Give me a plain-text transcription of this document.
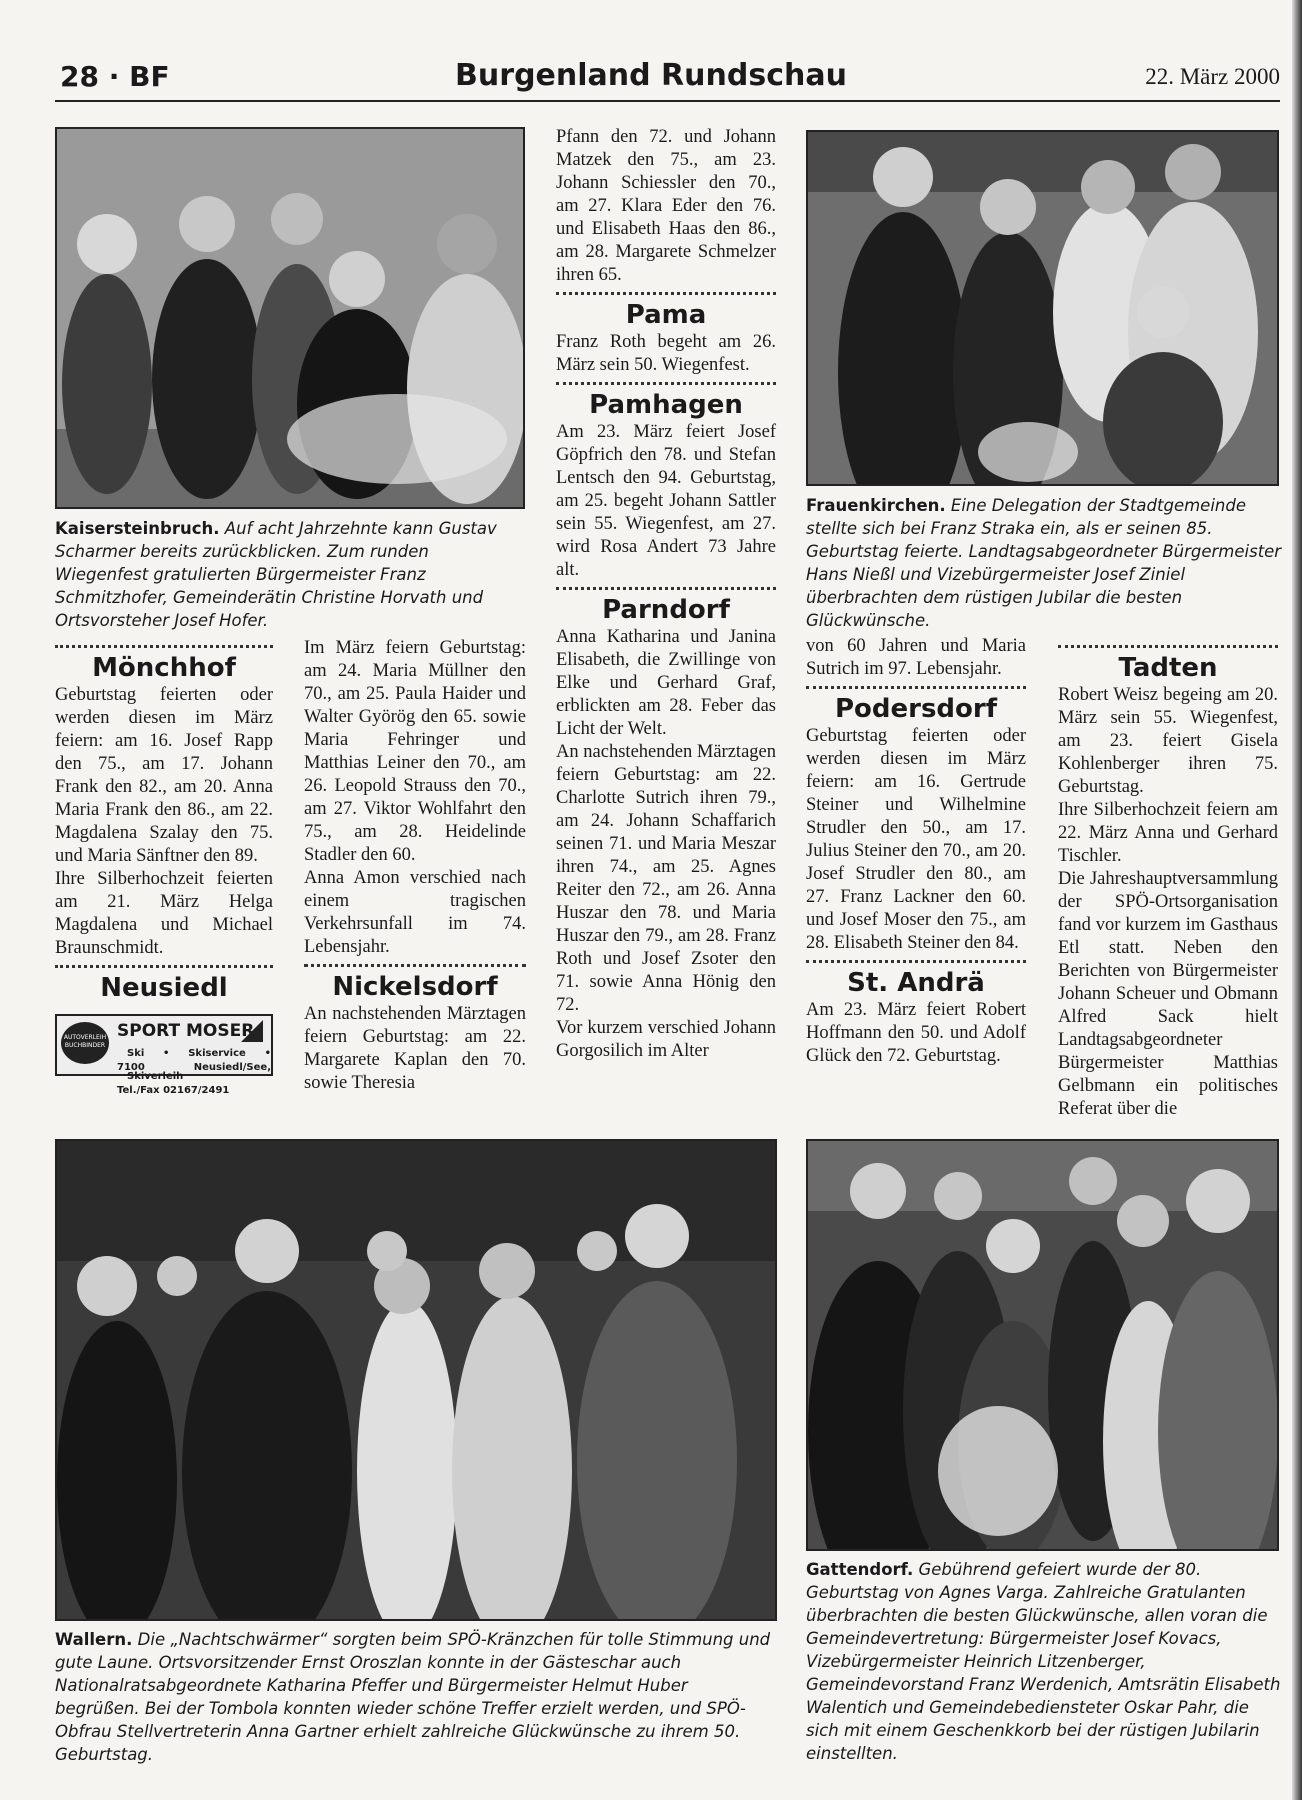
28 · BF	Burgenland Rundschau	22. März 2000
Kaisersteinbruch. Auf acht Jahrzehnte kann Gustav Scharmer bereits zurückblicken. Zum runden Wiegenfest gratulierten Bürgermeister Franz Schmitzhofer, Gemeinderätin Christine Horvath und Ortsvorsteher Josef Hofer.
Mönchhof

Geburtstag feierten oder werden diesen im März feiern: am 16. Josef Rapp den 75., am 17. Johann Frank den 82., am 20. Anna Maria Frank den 86., am 22. Magdalena Szalay den 75. und Maria Sänftner den 89.

Ihre Silberhochzeit feierten am 21. März Helga Magdalena und Michael Braunschmidt.

Neusiedl
AUTOVERLEIH BUCHBINDER
SPORT MOSER
Ski • Skiservice • Skiverleih
7100 Neusiedl/See, Tel./Fax 02167/2491

Im März feiern Geburtstag: am 24. Maria Müllner den 70., am 25. Paula Haider und Walter Györög den 65. sowie Maria Fehringer und Matthias Leiner den 70., am 26. Leopold Strauss den 70., am 27. Viktor Wohlfahrt den 75., am 28. Heidelinde Stadler den 60.

Anna Amon verschied nach einem tragischen Verkehrsunfall im 74. Lebensjahr.

Nickelsdorf

An nachstehenden Märztagen feiern Geburtstag: am 22. Margarete Kaplan den 70. sowie Theresia

Pfann den 72. und Johann Matzek den 75., am 23. Johann Schiessler den 70., am 27. Klara Eder den 76. und Elisabeth Haas den 86., am 28. Margarete Schmelzer ihren 65.

Pama

Franz Roth begeht am 26. März sein 50. Wiegenfest.

Pamhagen

Am 23. März feiert Josef Göpfrich den 78. und Stefan Lentsch den 94. Geburtstag, am 25. begeht Johann Sattler sein 55. Wiegenfest, am 27. wird Rosa Andert 73 Jahre alt.

Parndorf

Anna Katharina und Janina Elisabeth, die Zwillinge von Elke und Gerhard Graf, erblickten am 28. Feber das Licht der Welt.

An nachstehenden Märztagen feiern Geburtstag: am 22. Charlotte Sutrich ihren 79., am 24. Johann Schaffarich seinen 71. und Maria Meszar ihren 74., am 25. Agnes Reiter den 72., am 26. Anna Huszar den 78. und Maria Huszar den 79., am 28. Franz Roth und Josef Zsoter den 71. sowie Anna Hönig den 72.

Vor kurzem verschied Johann Gorgosilich im Alter

Frauenkirchen. Eine Delegation der Stadtgemeinde stellte sich bei Franz Straka ein, als er seinen 85. Geburtstag feierte. Landtagsabgeordneter Bürgermeister Hans Nießl und Vizebürgermeister Josef Ziniel überbrachten dem rüstigen Jubilar die besten Glückwünsche.

von 60 Jahren und Maria Sutrich im 97. Lebensjahr.

Podersdorf

Geburtstag feierten oder werden diesen im März feiern: am 16. Gertrude Steiner und Wilhelmine Strudler den 50., am 17. Julius Steiner den 70., am 20. Josef Strudler den 80., am 27. Franz Lackner den 60. und Josef Moser den 75., am 28. Elisabeth Steiner den 84.

St. Andrä

Am 23. März feiert Robert Hoffmann den 50. und Adolf Glück den 72. Geburtstag.

Tadten

Robert Weisz begeing am 20. März sein 55. Wiegenfest, am 23. feiert Gisela Kohlenberger ihren 75. Geburtstag.

Ihre Silberhochzeit feiern am 22. März Anna und Gerhard Tischler.

Die Jahreshauptversammlung der SPÖ-Ortsorganisation fand vor kurzem im Gasthaus Etl statt. Neben den Berichten von Bürgermeister Johann Scheuer und Obmann Alfred Sack hielt Landtagsabgeordneter Bürgermeister Matthias Gelbmann ein politisches Referat über die

Wallern. Die „Nachtschwärmer“ sorgten beim SPÖ-Kränzchen für tolle Stimmung und gute Laune. Ortsvorsitzender Ernst Oroszlan konnte in der Gästeschar auch Nationalratsabgeordnete Katharina Pfeffer und Bürgermeister Helmut Huber begrüßen. Bei der Tombola konnten wieder schöne Treffer erzielt werden, und SPÖ-Obfrau Stellvertreterin Anna Gartner erhielt zahlreiche Glückwünsche zu ihrem 50. Geburtstag.
Gattendorf. Gebührend gefeiert wurde der 80. Geburtstag von Agnes Varga. Zahlreiche Gratulanten überbrachten die besten Glückwünsche, allen voran die Gemeindevertretung: Bürgermeister Josef Kovacs, Vizebürgermeister Heinrich Litzenberger, Gemeindevorstand Franz Werdenich, Amtsrätin Elisabeth Walentich und Gemeindebediensteter Oskar Pahr, die sich mit einem Geschenkkorb bei der rüstigen Jubilarin einstellten.
